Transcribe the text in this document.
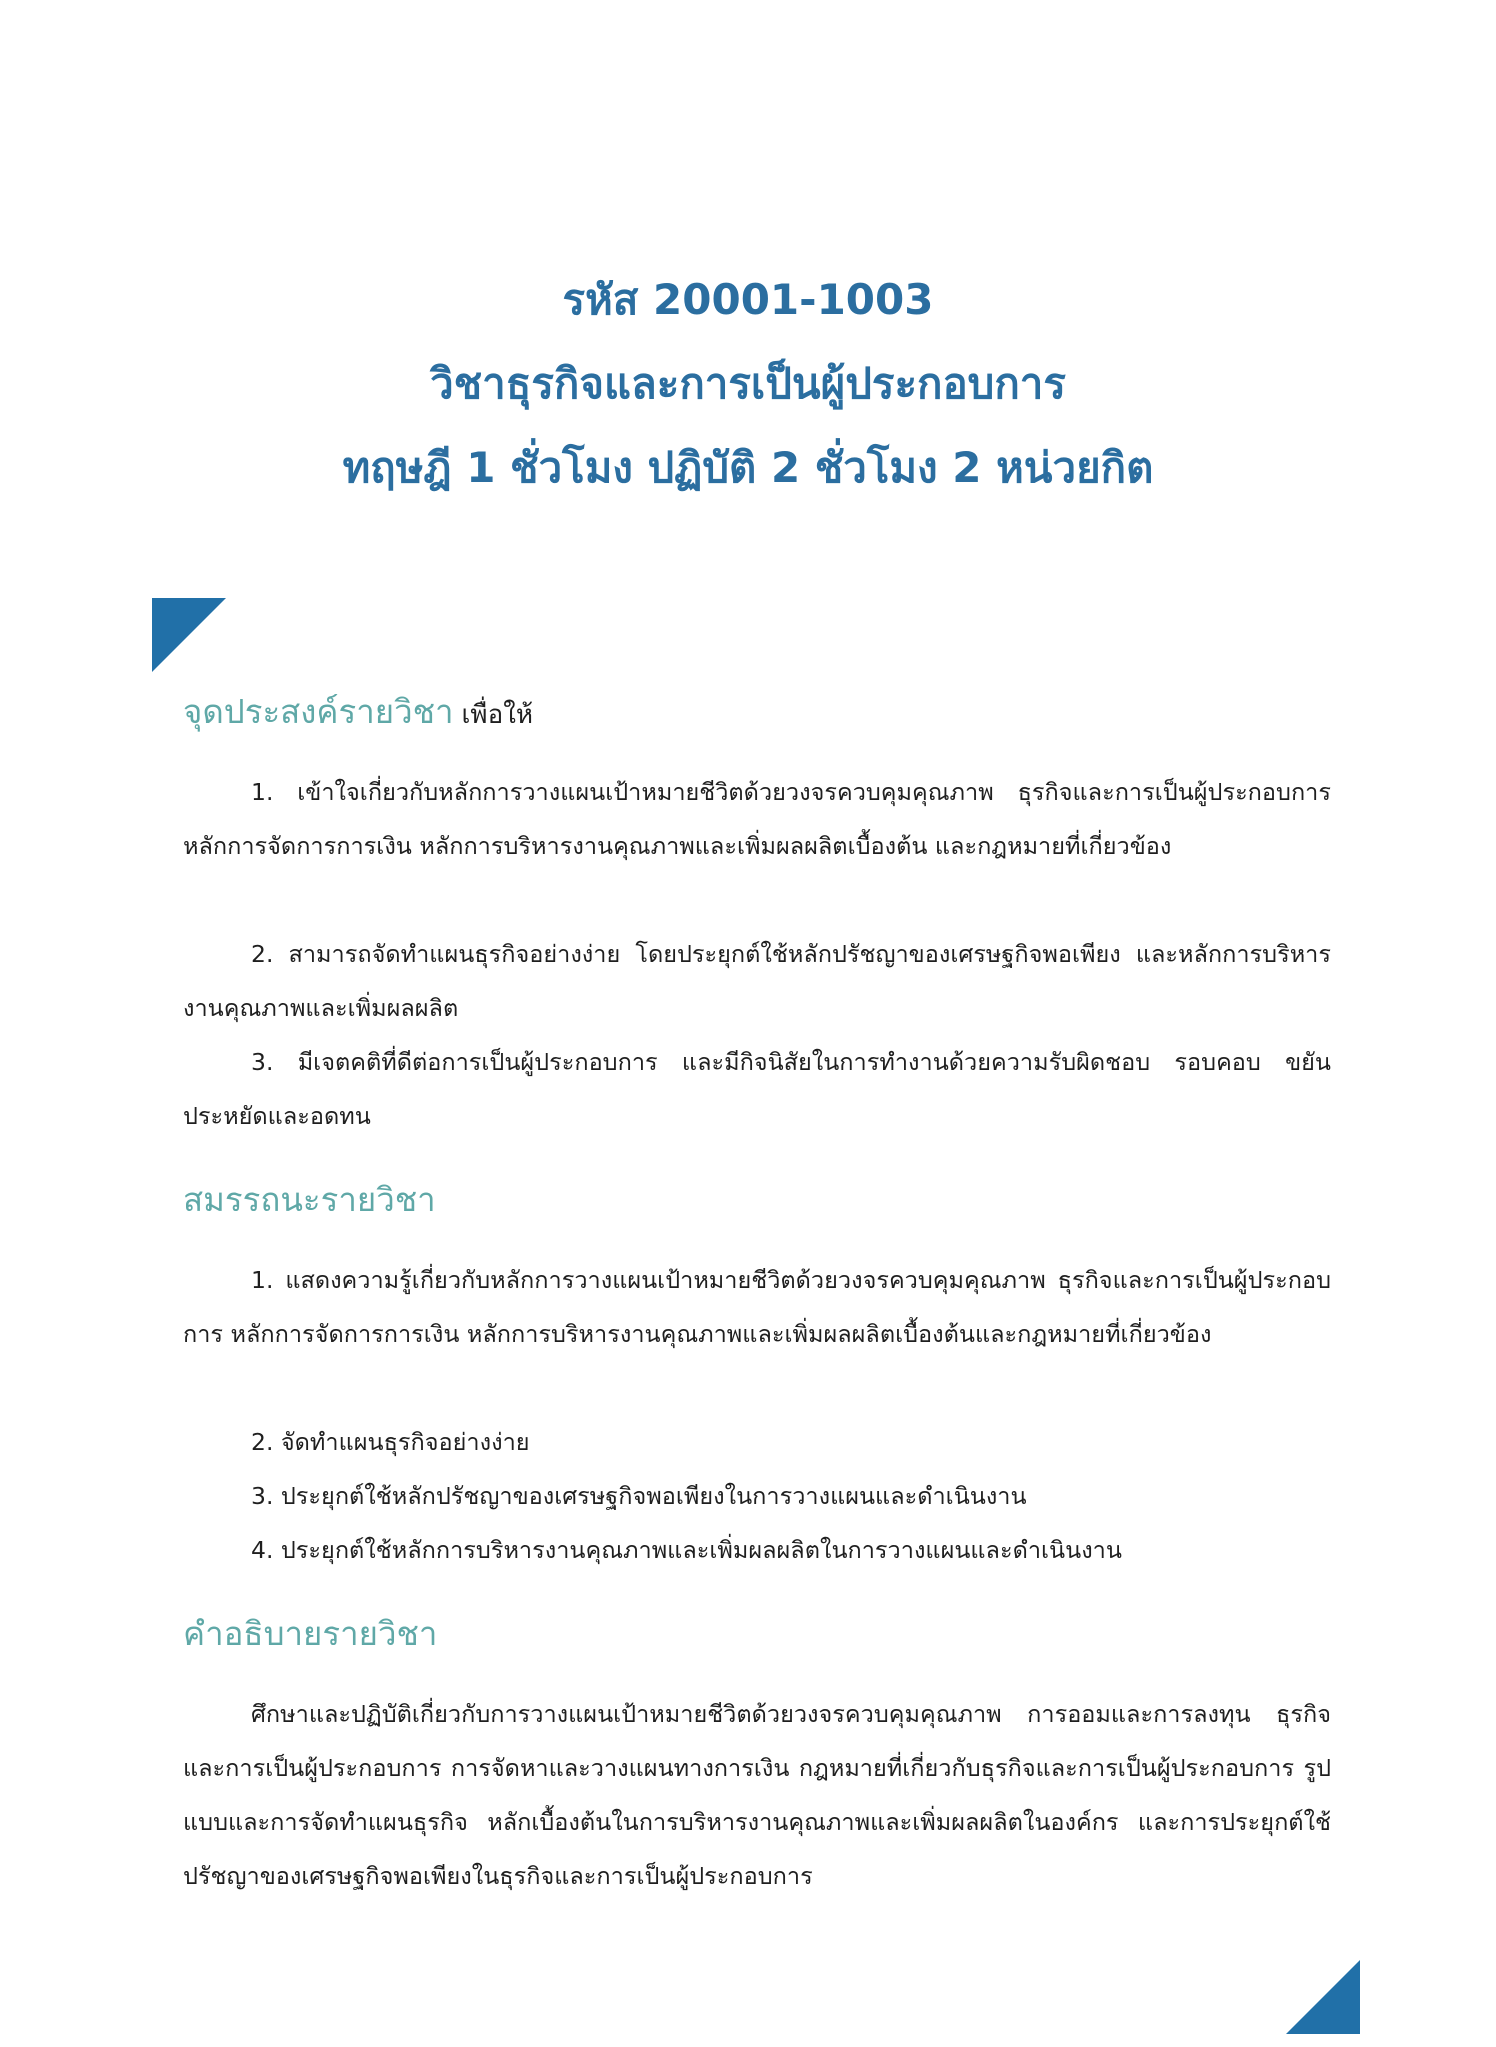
รหัส 20001-1003
วิชาธุรกิจและการเป็นผู้ประกอบการ
ทฤษฎี 1 ชั่วโมง ปฏิบัติ 2 ชั่วโมง 2 หน่วยกิต
จุดประสงค์รายวิชา เพื่อให้

1. เข้าใจเกี่ยวกับหลักการวางแผนเป้าหมายชีวิตด้วยวงจรควบคุมคุณภาพ ธุรกิจและการเป็นผู้ประกอบการ หลักการจัดการการเงิน หลักการบริหารงานคุณภาพและเพิ่มผลผลิตเบื้องต้น และกฎหมายที่เกี่ยวข้อง

2. สามารถจัดทำแผนธุรกิจอย่างง่าย โดยประยุกต์ใช้หลักปรัชญาของเศรษฐกิจพอเพียง และหลักการบริหารงานคุณภาพและเพิ่มผลผลิต

3. มีเจตคติที่ดีต่อการเป็นผู้ประกอบการ และมีกิจนิสัยในการทำงานด้วยความรับผิดชอบ รอบคอบ ขยัน ประหยัดและอดทน

สมรรถนะรายวิชา

1. แสดงความรู้เกี่ยวกับหลักการวางแผนเป้าหมายชีวิตด้วยวงจรควบคุมคุณภาพ ธุรกิจและการเป็นผู้ประกอบการ หลักการจัดการการเงิน หลักการบริหารงานคุณภาพและเพิ่มผลผลิตเบื้องต้นและกฎหมายที่เกี่ยวข้อง

2. จัดทำแผนธุรกิจอย่างง่าย

3. ประยุกต์ใช้หลักปรัชญาของเศรษฐกิจพอเพียงในการวางแผนและดำเนินงาน

4. ประยุกต์ใช้หลักการบริหารงานคุณภาพและเพิ่มผลผลิตในการวางแผนและดำเนินงาน

คำอธิบายรายวิชา

ศึกษาและปฏิบัติเกี่ยวกับการวางแผนเป้าหมายชีวิตด้วยวงจรควบคุมคุณภาพ การออมและการลงทุน ธุรกิจและการเป็นผู้ประกอบการ การจัดหาและวางแผนทางการเงิน กฎหมายที่เกี่ยวกับธุรกิจและการเป็นผู้ประกอบการ รูปแบบและการจัดทำแผนธุรกิจ หลักเบื้องต้นในการบริหารงานคุณภาพและเพิ่มผลผลิตในองค์กร และการประยุกต์ใช้ปรัชญาของเศรษฐกิจพอเพียงในธุรกิจและการเป็นผู้ประกอบการ
